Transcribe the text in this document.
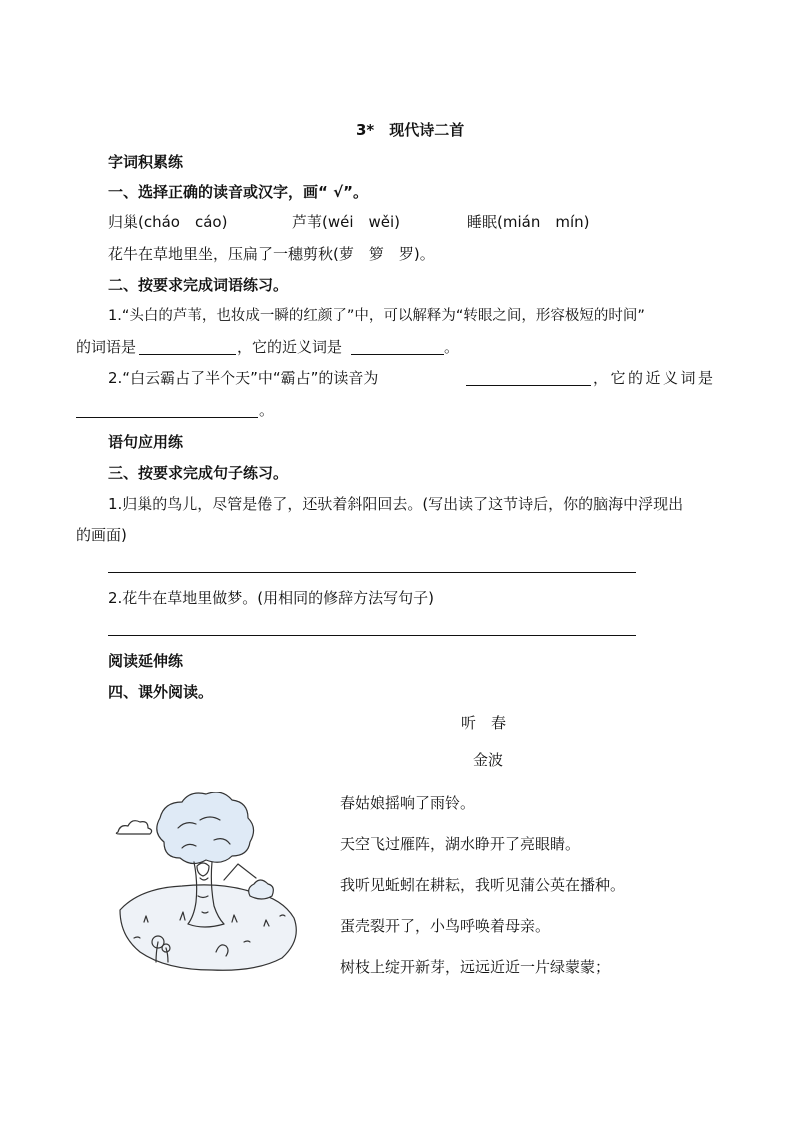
3*　现代诗二首
字词积累练
一、选择正确的读音或汉字，画“ √”。
归巢(cháo　cáo)	芦苇(wéi　wěi)	睡眠(mián　mín)
花牛在草地里坐，压扁了一穗剪秋(萝　箩　罗)。
二、按要求完成词语练习。
1.“头白的芦苇，也妆成一瞬的红颜了”中，可以解释为“转眼之间，形容极短的时间”
的词语是	，它的近义词是	。
2.“白云霸占了半个天”中“霸占”的读音为	，它的近义词是
。
语句应用练
三、按要求完成句子练习。
1.归巢的鸟儿，尽管是倦了，还驮着斜阳回去。(写出读了这节诗后，你的脑海中浮现出
的画面)
2.花牛在草地里做梦。(用相同的修辞方法写句子)
阅读延伸练
四、课外阅读。
听　春
金波
春姑娘摇响了雨铃。
天空飞过雁阵，湖水睁开了亮眼睛。
我听见蚯蚓在耕耘，我听见蒲公英在播种。
蛋壳裂开了，小鸟呼唤着母亲。
树枝上绽开新芽，远远近近一片绿蒙蒙；
